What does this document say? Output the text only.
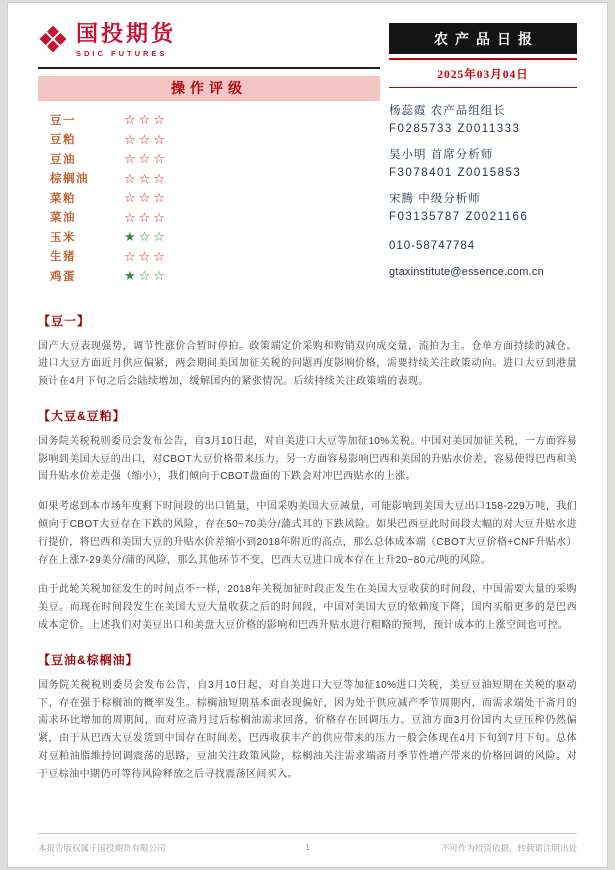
国投期货
SDIC FUTURES
操作评级
豆一	☆☆☆
豆粕	☆☆☆
豆油	☆☆☆
棕榈油	☆☆☆
菜粕	☆☆☆
菜油	☆☆☆
玉米	★☆☆
生猪	☆☆☆
鸡蛋	★☆☆
农产品日报
2025年03月04日
杨蕊霞 农产品组组长
F0285733 Z0011333
吴小明 首席分析师
F3078401 Z0015853
宋腾 中级分析师
F03135787 Z0021166
010-58747784
gtaxinstitute@essence.com.cn
【豆一】

国产大豆表现强势，调节性涨价合暂时停拍。政策端定价采购和购销双向成交量，流拍为主。仓单方面持续的减仓。进口大豆方面近月供应偏紧，两会期间美国加征关税的问题再度影响价格，需要持续关注政策动向。进口大豆到港量预计在4月下旬之后会陆续增加，缓解国内的紧张情况。后续持续关注政策端的表现。

【大豆&豆粕】

国务院关税税则委员会发布公告，自3月10日起，对自美进口大豆等加征10%关税。中国对美国加征关税，一方面容易影响到美国大豆的出口，对CBOT大豆价格带来压力，另一方面容易影响巴西和美国的升贴水价差，容易使得巴西和美国升贴水价差走强（缩小），我们倾向于CBOT盘面的下跌会对冲巴西贴水的上涨。

如果考虑到本市场年度剩下时间段的出口销量，中国采购美国大豆减量，可能影响到美国大豆出口158-229万吨，我们倾向于CBOT大豆存在下跌的风险，存在50~70美分/蒲式耳的下跌风险。如果巴西豆此时间段大幅的对大豆升贴水进行提价，将巴西和美国大豆的升贴水价差缩小到2018年附近的高点，那么总体成本端（CBOT大豆价格+CNF升贴水）存在上涨7-29美分/蒲的风险，那么其他环节不变，巴西大豆进口成本存在上升20~80元/吨的风险。

由于此轮关税加征发生的时间点不一样，2018年关税加征时段正发生在美国大豆收获的时间段，中国需要大量的采购美豆。而现在时间段发生在美国大豆大量收获之后的时间段，中国对美国大豆的依赖度下降，国内买船更多的是巴西成本定价。上述我们对美豆出口和美盘大豆价格的影响和巴西升贴水进行粗略的预判，预计成本的上涨空间也可控。

【豆油&棕榈油】

国务院关税税则委员会发布公告，自3月10日起，对自美进口大豆等加征10%进口关税，美豆豆油短期在关税的驱动下，存在强于棕榈油的概率发生。棕榈油短期基本面表现偏好，因为处于供应减产季节周期内，而需求端处于斋月的需求环比增加的周期间，而对应斋月过后棕榈油需求回落，价格存在回调压力。豆油方面3月份国内大豆压榨仍然偏紧，由于从巴西大豆发货到中国存在时间差，巴西收获丰产的供应带来的压力一般会体现在4月下旬到7月下旬。总体对豆粕油脂维持回调震荡的思路，豆油关注政策风险，棕榈油关注需求端斋月季节性增产带来的价格回调的风险。对于豆棕油中期仍可等待风险释放之后寻找震荡区间买入。

本报告版权属于国投期货有限公司	1	不可作为投资依据，转载请注明出处
